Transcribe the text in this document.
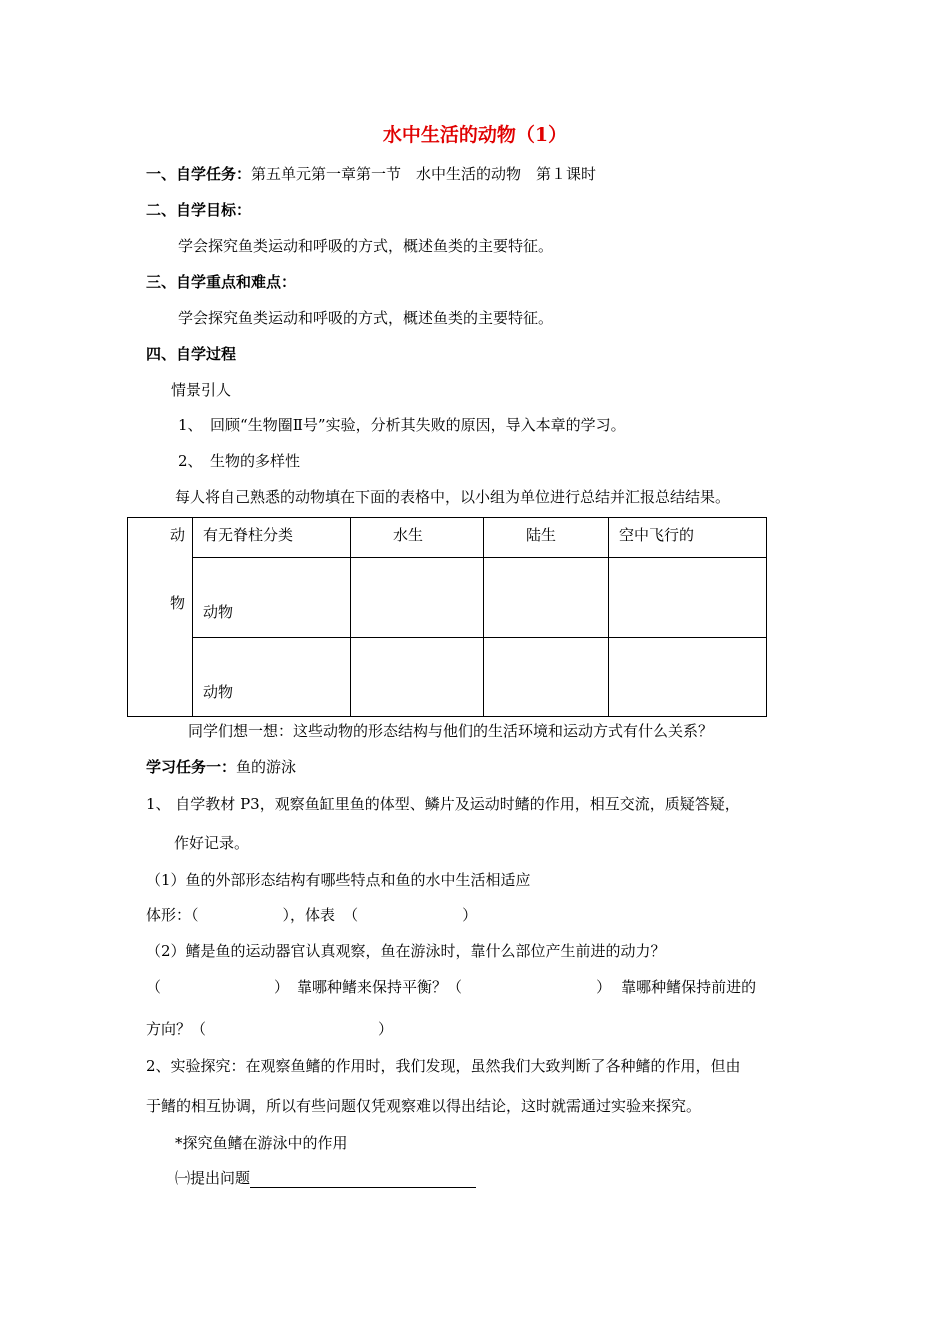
水中生活的动物（1）
一、自学任务：第五单元第一章第一节　水中生活的动物　第１课时
二、自学目标：
学会探究鱼类运动和呼吸的方式，概述鱼类的主要特征。
三、自学重点和难点：
学会探究鱼类运动和呼吸的方式，概述鱼类的主要特征。
四、自学过程
情景引人
1、　回顾“生物圈Ⅱ号”实验，分析其失败的原因，导入本章的学习。
2、　生物的多样性
每人将自己熟悉的动物填在下面的表格中，以小组为单位进行总结并汇报总结结果。
动
物	有无脊柱分类	水生	陆生	空中飞行的

	动物			

	动物			

同学们想一想：这些动物的形态结构与他们的生活环境和运动方式有什么关系？
学习任务一：鱼的游泳
1、 自学教材 P3，观察鱼缸里鱼的体型、鳞片及运动时鳍的作用，相互交流，质疑答疑，
作好记录。
（1）鱼的外部形态结构有哪些特点和鱼的水中生活相适应
体形：（	），体表 （	）
（2）鳍是鱼的运动器官认真观察，鱼在游泳时，靠什么部位产生前进的动力？
（	） 靠哪种鳍来保持平衡？（	） 靠哪种鳍保持前进的
方向？（	）
2、实验探究：在观察鱼鳍的作用时，我们发现，虽然我们大致判断了各种鳍的作用，但由
于鳍的相互协调，所以有些问题仅凭观察难以得出结论，这时就需通过实验来探究。
*探究鱼鳍在游泳中的作用
㈠提出问题
